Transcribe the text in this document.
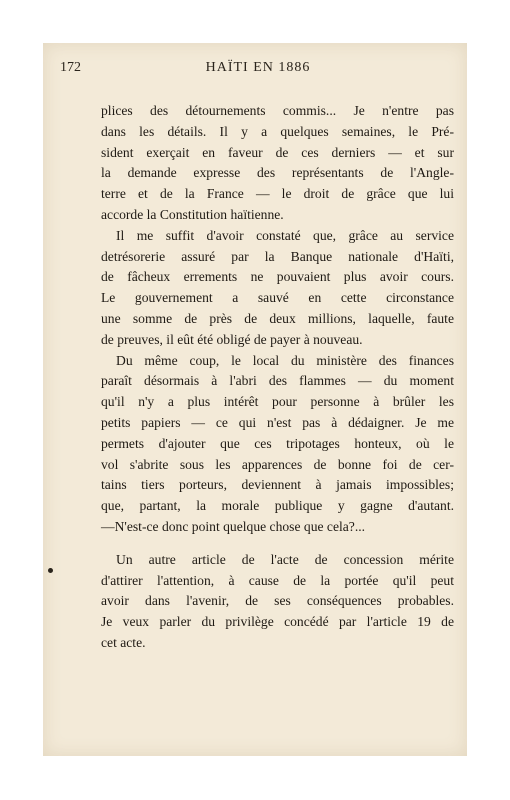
172	HAÏTI EN 1886

plices des détournements commis... Je n'entre pas
dans les détails. Il y a quelques semaines, le Pré-
sident exerçait en faveur de ces derniers — et sur
la demande expresse des représentants de l'Angle-
terre et de la France — le droit de grâce que lui
accorde la Constitution haïtienne.

Il me suffit d'avoir constaté que, grâce au service
detrésorerie assuré par la Banque nationale d'Haïti,
de fâcheux errements ne pouvaient plus avoir cours.
Le gouvernement a sauvé en cette circonstance
une somme de près de deux millions, laquelle, faute
de preuves, il eût été obligé de payer à nouveau.

Du même coup, le local du ministère des finances
paraît désormais à l'abri des flammes — du moment
qu'il n'y a plus intérêt pour personne à brûler les
petits papiers — ce qui n'est pas à dédaigner. Je me
permets d'ajouter que ces tripotages honteux, où le
vol s'abrite sous les apparences de bonne foi de cer-
tains tiers porteurs, deviennent à jamais impossibles;
que, partant, la morale publique y gagne d'autant.
—N'est-ce donc point quelque chose que cela?...

Un autre article de l'acte de concession mérite
d'attirer l'attention, à cause de la portée qu'il peut
avoir dans l'avenir, de ses conséquences probables.
Je veux parler du privilège concédé par l'article 19 de
cet acte.
